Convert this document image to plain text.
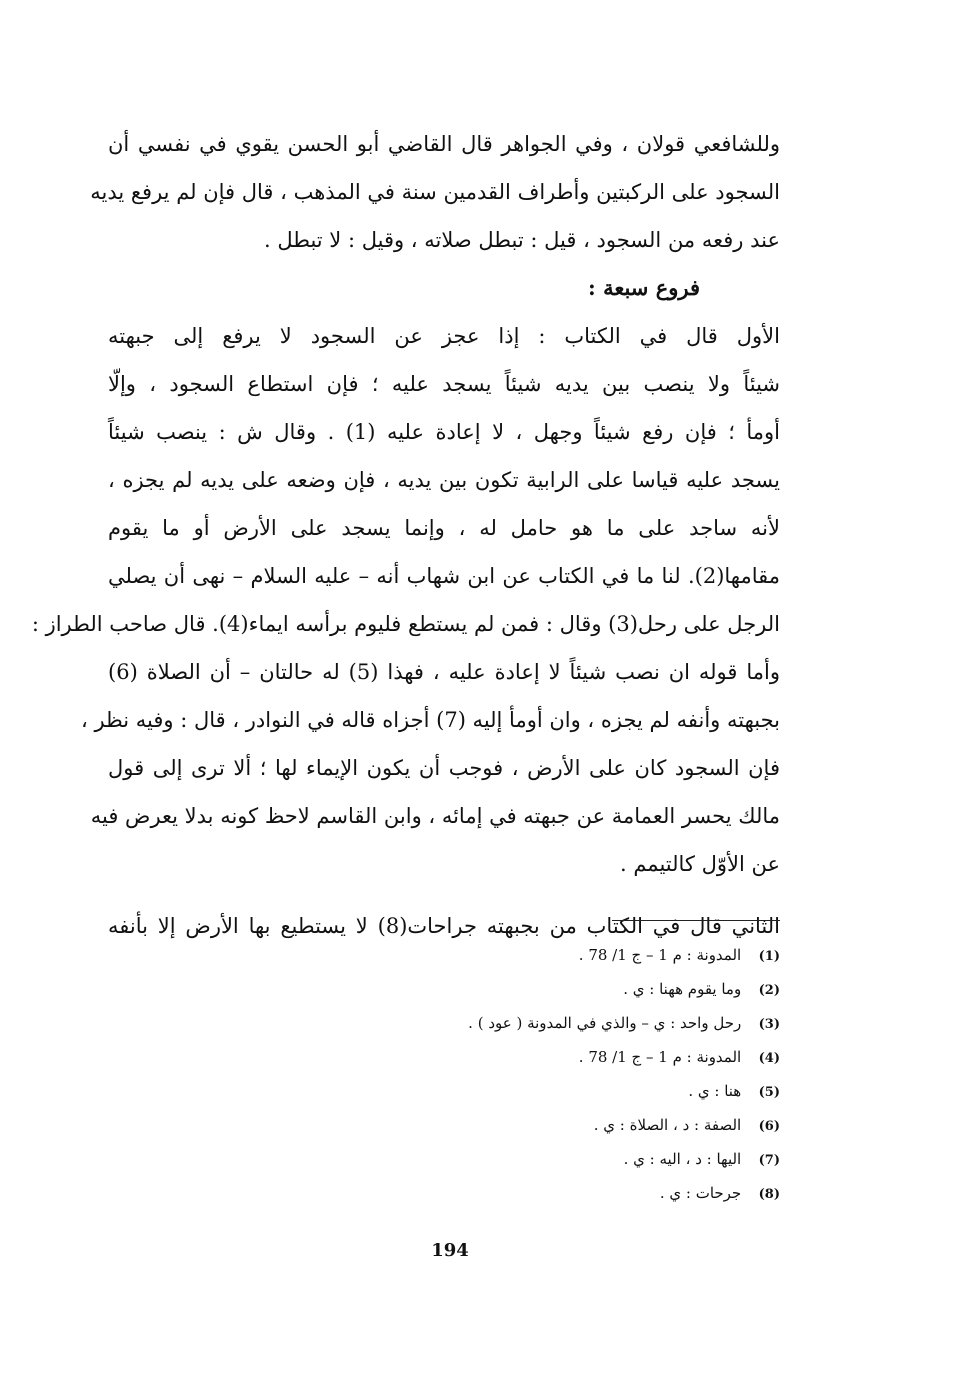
وللشافعي قولان ، وفي الجواهر قال القاضي أبو الحسن يقوي في نفسي أن
السجود على الركبتين وأطراف القدمين سنة في المذهب ، قال فإن لم يرفع يديه
عند رفعه من السجود ، قيل : تبطل صلاته ، وقيل : لا تبطل .
فروع سبعة :
الأول قال في الكتاب : إذا عجز عن السجود لا يرفع إلى جبهته
شيئاً ولا ينصب بين يديه شيئاً يسجد عليه ؛ فإن استطاع السجود ، وإلّا
أومأ ؛ فإن رفع شيئاً وجهل ، لا إعادة عليه (1) . وقال ش : ينصب شيئاً
يسجد عليه قياسا على الرابية تكون بين يديه ، فإن وضعه على يديه لم يجزه ،
لأنه ساجد على ما هو حامل له ، وإنما يسجد على الأرض أو ما يقوم
مقامها(2). لنا ما في الكتاب عن ابن شهاب أنه – عليه السلام – نهى أن يصلي
الرجل على رحل(3) وقال : فمن لم يستطع فليوم برأسه ايماء(4). قال صاحب الطراز :
وأما قوله ان نصب شيئاً لا إعادة عليه ، فهذا (5) له حالتان – أن الصلاة (6)
بجبهته وأنفه لم يجزه ، وان أومأ إليه (7) أجزاه قاله في النوادر ، قال : وفيه نظر ،
فإن السجود كان على الأرض ، فوجب أن يكون الإيماء لها ؛ ألا ترى إلى قول
مالك يحسر العمامة عن جبهته في إمائه ، وابن القاسم لاحظ كونه بدلا يعرض فيه
عن الأوّل كالتيمم .
الثاني قال في الكتاب من بجبهته جراحات(8) لا يستطيع بها الأرض إلا بأنفه
(1) المدونة : م 1 – ج 1/ 78 .
(2) وما يقوم ههنا : ي .
(3) رحل واحد : ي – والذي في المدونة ( عود ) .
(4) المدونة : م 1 – ج 1/ 78 .
(5) هنا : ي .
(6) الصفة : د ، الصلاة : ي .
(7) اليها : د ، اليه : ي .
(8) جرحات : ي .
194
